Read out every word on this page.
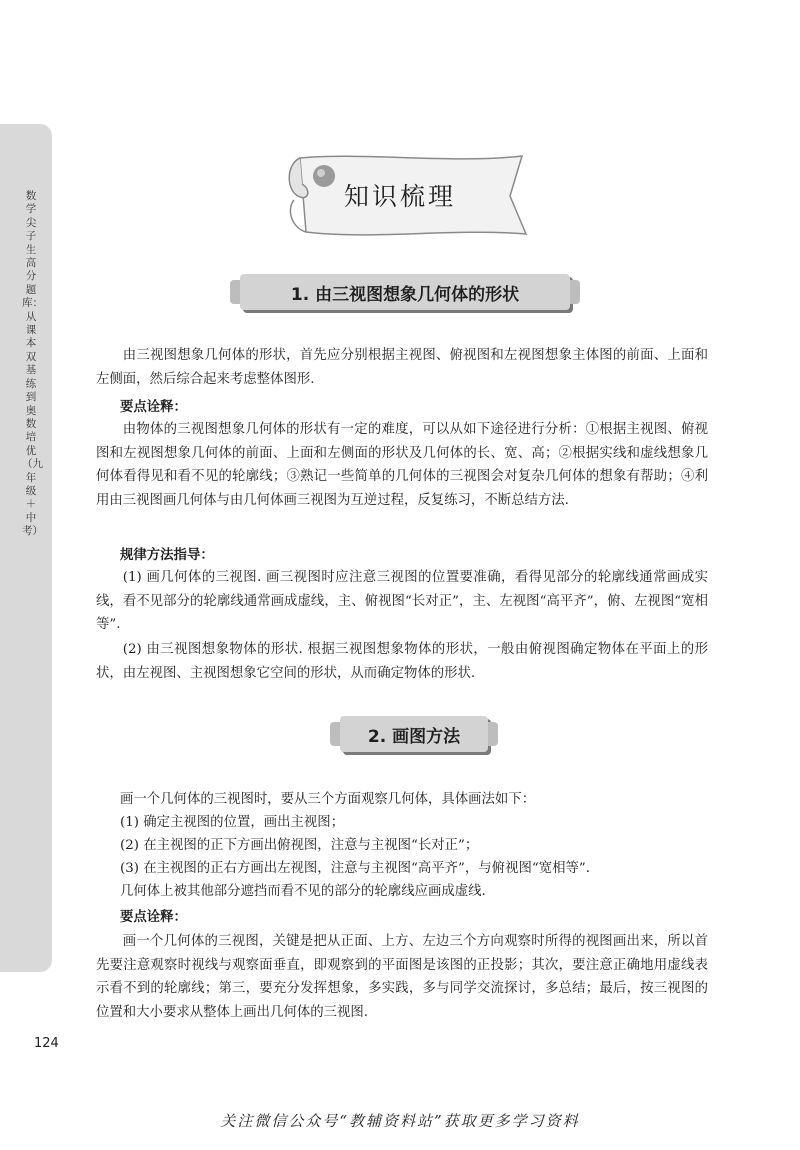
数学尖子生高分题库：从课本双基练到奥数培优（九年级＋中考）
知识梳理
1. 由三视图想象几何体的形状

由三视图想象几何体的形状，首先应分别根据主视图、俯视图和左视图想象主体图的前面、上面和左侧面，然后综合起来考虑整体图形.

要点诠释：

由物体的三视图想象几何体的形状有一定的难度，可以从如下途径进行分析：①根据主视图、俯视图和左视图想象几何体的前面、上面和左侧面的形状及几何体的长、宽、高；②根据实线和虚线想象几何体看得见和看不见的轮廓线；③熟记一些简单的几何体的三视图会对复杂几何体的想象有帮助；④利用由三视图画几何体与由几何体画三视图为互逆过程，反复练习，不断总结方法.

规律方法指导：

(1) 画几何体的三视图. 画三视图时应注意三视图的位置要准确，看得见部分的轮廓线通常画成实线，看不见部分的轮廓线通常画成虚线，主、俯视图“长对正”，主、左视图“高平齐”，俯、左视图“宽相等”.

(2) 由三视图想象物体的形状. 根据三视图想象物体的形状，一般由俯视图确定物体在平面上的形状，由左视图、主视图想象它空间的形状，从而确定物体的形状.

2. 画图方法

画一个几何体的三视图时，要从三个方面观察几何体，具体画法如下：

(1) 确定主视图的位置，画出主视图；

(2) 在主视图的正下方画出俯视图，注意与主视图“长对正”；

(3) 在主视图的正右方画出左视图，注意与主视图“高平齐”，与俯视图“宽相等”.

几何体上被其他部分遮挡而看不见的部分的轮廓线应画成虚线.

要点诠释：

画一个几何体的三视图，关键是把从正面、上方、左边三个方向观察时所得的视图画出来，所以首先要注意观察时视线与观察面垂直，即观察到的平面图是该图的正投影；其次，要注意正确地用虚线表示看不到的轮廓线；第三，要充分发挥想象，多实践，多与同学交流探讨，多总结；最后，按三视图的位置和大小要求从整体上画出几何体的三视图.

124
关注微信公众号“教辅资料站”获取更多学习资料
